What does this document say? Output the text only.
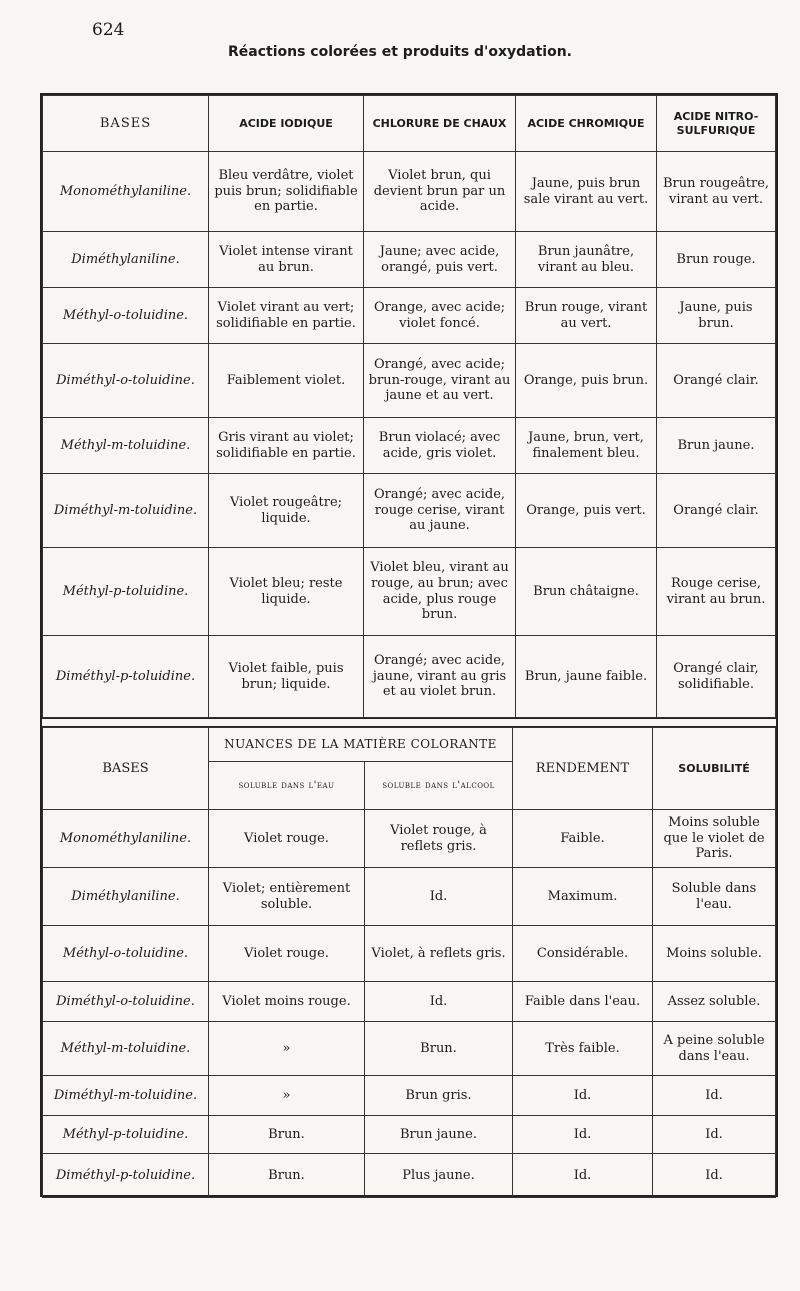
624
Réactions colorées et produits d'oxydation.
BASES	ACIDE IODIQUE	CHLORURE DE CHAUX	ACIDE CHROMIQUE	ACIDE NITRO-SULFURIQUE
Monométhylaniline.	Bleu verdâtre, violet puis brun; solidifiable en partie.	Violet brun, qui devient brun par un acide.	Jaune, puis brun sale virant au vert.	Brun rougeâtre, virant au vert.
Diméthylaniline.	Violet intense virant au brun.	Jaune; avec acide, orangé, puis vert.	Brun jaunâtre, virant au bleu.	Brun rouge.
Méthyl-o-toluidine.	Violet virant au vert; solidifiable en partie.	Orange, avec acide; violet foncé.	Brun rouge, virant au vert.	Jaune, puis brun.
Diméthyl-o-toluidine.	Faiblement violet.	Orangé, avec acide; brun-rouge, virant au jaune et au vert.	Orange, puis brun.	Orangé clair.
Méthyl-m-toluidine.	Gris virant au violet; solidifiable en partie.	Brun violacé; avec acide, gris violet.	Jaune, brun, vert, finalement bleu.	Brun jaune.
Diméthyl-m-toluidine.	Violet rougeâtre; liquide.	Orangé; avec acide, rouge cerise, virant au jaune.	Orange, puis vert.	Orangé clair.
Méthyl-p-toluidine.	Violet bleu; reste liquide.	Violet bleu, virant au rouge, au brun; avec acide, plus rouge brun.	Brun châtaigne.	Rouge cerise, virant au brun.
Diméthyl-p-toluidine.	Violet faible, puis brun; liquide.	Orangé; avec acide, jaune, virant au gris et au violet brun.	Brun, jaune faible.	Orangé clair, solidifiable.
BASES	NUANCES DE LA MATIÈRE COLORANTE		RENDEMENT	SOLUBILITÉ
	soluble dans l'eau	soluble dans l'alcool		
Monométhylaniline.	Violet rouge.	Violet rouge, à reflets gris.	Faible.	Moins soluble que le violet de Paris.
Diméthylaniline.	Violet; entièrement soluble.	Id.	Maximum.	Soluble dans l'eau.
Méthyl-o-toluidine.	Violet rouge.	Violet, à reflets gris.	Considérable.	Moins soluble.
Diméthyl-o-toluidine.	Violet moins rouge.	Id.	Faible dans l'eau.	Assez soluble.
Méthyl-m-toluidine.	»	Brun.	Très faible.	A peine soluble dans l'eau.
Diméthyl-m-toluidine.	»	Brun gris.	Id.	Id.
Méthyl-p-toluidine.	Brun.	Brun jaune.	Id.	Id.
Diméthyl-p-toluidine.	Brun.	Plus jaune.	Id.	Id.
